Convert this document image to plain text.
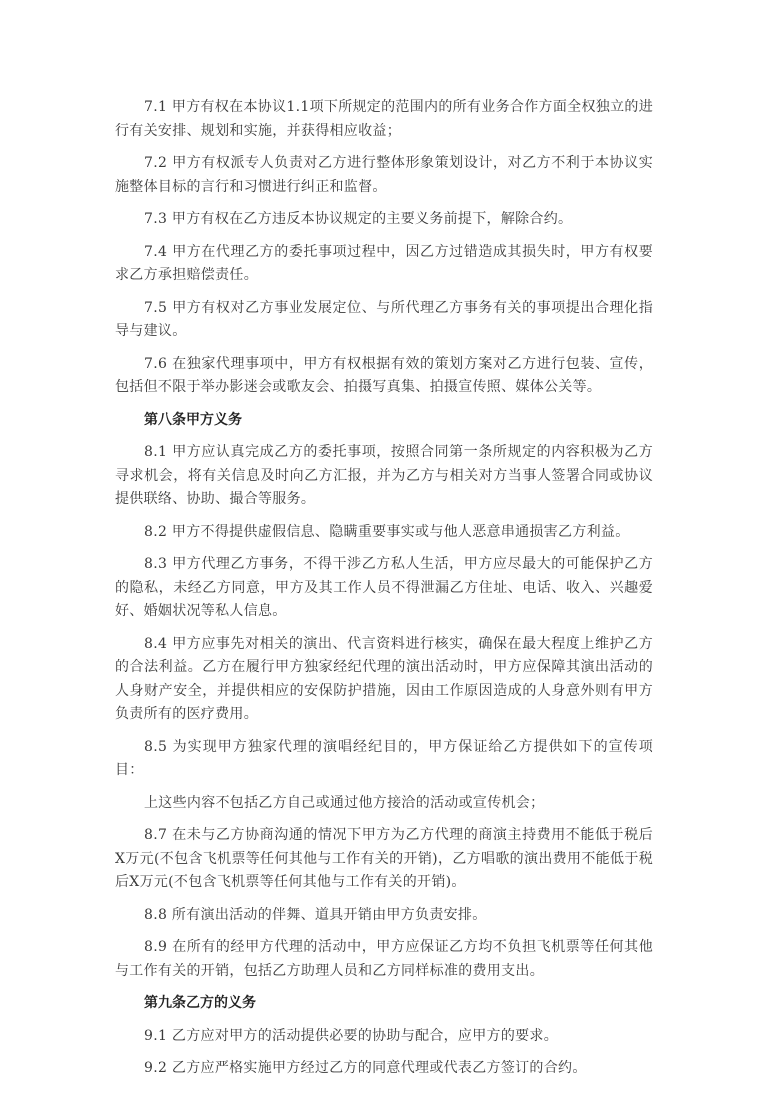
7.1 甲方有权在本协议1.1项下所规定的范围内的所有业务合作方面全权独立的进行有关安排、规划和实施，并获得相应收益；

7.2 甲方有权派专人负责对乙方进行整体形象策划设计，对乙方不利于本协议实施整体目标的言行和习惯进行纠正和监督。

7.3 甲方有权在乙方违反本协议规定的主要义务前提下，解除合约。

7.4 甲方在代理乙方的委托事项过程中，因乙方过错造成其损失时，甲方有权要求乙方承担赔偿责任。

7.5 甲方有权对乙方事业发展定位、与所代理乙方事务有关的事项提出合理化指导与建议。

7.6 在独家代理事项中，甲方有权根据有效的策划方案对乙方进行包装、宣传，包括但不限于举办影迷会或歌友会、拍摄写真集、拍摄宣传照、媒体公关等。

第八条甲方义务

8.1 甲方应认真完成乙方的委托事项，按照合同第一条所规定的内容积极为乙方寻求机会，将有关信息及时向乙方汇报，并为乙方与相关对方当事人签署合同或协议提供联络、协助、撮合等服务。

8.2 甲方不得提供虚假信息、隐瞒重要事实或与他人恶意串通损害乙方利益。

8.3 甲方代理乙方事务，不得干涉乙方私人生活，甲方应尽最大的可能保护乙方的隐私，未经乙方同意，甲方及其工作人员不得泄漏乙方住址、电话、收入、兴趣爱好、婚姻状况等私人信息。

8.4 甲方应事先对相关的演出、代言资料进行核实，确保在最大程度上维护乙方的合法利益。乙方在履行甲方独家经纪代理的演出活动时，甲方应保障其演出活动的人身财产安全，并提供相应的安保防护措施，因由工作原因造成的人身意外则有甲方负责所有的医疗费用。

8.5 为实现甲方独家代理的演唱经纪目的，甲方保证给乙方提供如下的宣传项目：

上这些内容不包括乙方自己或通过他方接洽的活动或宣传机会；

8.7 在未与乙方协商沟通的情况下甲方为乙方代理的商演主持费用不能低于税后X万元(不包含飞机票等任何其他与工作有关的开销)，乙方唱歌的演出费用不能低于税后X万元(不包含飞机票等任何其他与工作有关的开销)。

8.8 所有演出活动的伴舞、道具开销由甲方负责安排。

8.9 在所有的经甲方代理的活动中，甲方应保证乙方均不负担飞机票等任何其他与工作有关的开销，包括乙方助理人员和乙方同样标准的费用支出。

第九条乙方的义务

9.1 乙方应对甲方的活动提供必要的协助与配合，应甲方的要求。

9.2 乙方应严格实施甲方经过乙方的同意代理或代表乙方签订的合约。
